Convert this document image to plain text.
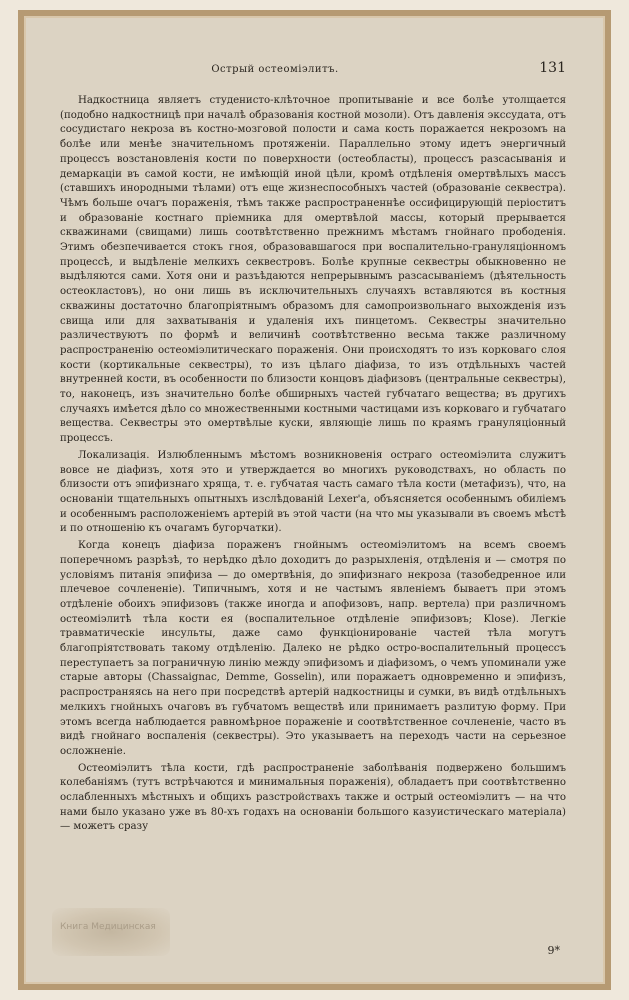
Острый остеоміэлитъ.	131

Надкостница являетъ студенисто-клѣточное пропитываніе и все болѣе утолщается (подобно надкостницѣ при началѣ образованія костной мозоли). Отъ давленія экссудата, отъ сосудистаго некроза въ костно-мозговой полости и сама кость поражается некрозомъ на болѣе или менѣе значительномъ протяженіи. Параллельно этому идетъ энергичный процессъ возстановленія кости по поверхности (остеобласты), процессъ разсасыванія и демаркаціи въ самой кости, не имѣющій иной цѣли, кромѣ отдѣленія омертвѣлыхъ массъ (ставшихъ инородными тѣлами) отъ еще жизнеспособныхъ частей (образованіе секвестра). Чѣмъ больше очагъ пораженія, тѣмъ также распространеннѣе оссифицирующій періоститъ и образованіе костнаго пріемника для омертвѣлой массы, который прерывается скважинами (свищами) лишь соотвѣтственно прежнимъ мѣстамъ гнойнаго прободенія. Этимъ обезпечивается стокъ гноя, образовавшагося при воспалительно-грануляціонномъ процессѣ, и выдѣленіе мелкихъ секвестровъ. Болѣе крупные секвестры обыкновенно не выдѣляются сами. Хотя они и разъѣдаются непрерывнымъ разсасываніемъ (дѣятельность остеокластовъ), но они лишь въ исключительныхъ случаяхъ вставляются въ костныя скважины достаточно благопріятнымъ образомъ для самопроизвольнаго выхожденія изъ свища или для захватыванія и удаленія ихъ пинцетомъ. Секвестры значительно различествуютъ по формѣ и величинѣ соотвѣтственно весьма также различному распространенію остеоміэлитическаго пораженія. Они происходятъ то изъ корковаго слоя кости (кортикальные секвестры), то изъ цѣлаго діафиза, то изъ отдѣльныхъ частей внутренней кости, въ особенности по близости концовъ діафизовъ (центральные секвестры), то, наконецъ, изъ значительно болѣе обширныхъ частей губчатаго вещества; въ другихъ случаяхъ имѣется дѣло со множественными костными частицами изъ корковаго и губчатаго вещества. Секвестры это омертвѣлые куски, являющіе лишь по краямъ грануляціонный процессъ.

Локализація. Излюбленнымъ мѣстомъ возникновенія остраго остеоміэлита служитъ вовсе не діафизъ, хотя это и утверждается во многихъ руководствахъ, но область по близости отъ эпифизнаго хряща, т. е. губчатая часть самаго тѣла кости (метафизъ), что, на основаніи тщательныхъ опытныхъ изслѣдованій Lexer'а, объясняется особеннымъ обиліемъ и особеннымъ расположеніемъ артерій въ этой части (на что мы указывали въ своемъ мѣстѣ и по отношенію къ очагамъ бугорчатки).

Когда конецъ діафиза пораженъ гнойнымъ остеоміэлитомъ на всемъ своемъ поперечномъ разрѣзѣ, то нерѣдко дѣло доходитъ до разрыхленія, отдѣленія и — смотря по условіямъ питанія эпифиза — до омертвѣнія, до эпифизнаго некроза (тазобедренное или плечевое сочлененіе). Типичнымъ, хотя и не частымъ явленіемъ бываетъ при этомъ отдѣленіе обоихъ эпифизовъ (также иногда и апофизовъ, напр. вертела) при различномъ остеоміэлитѣ тѣла кости ея (воспалительное отдѣленіе эпифизовъ; Klose). Легкіе травматическіе инсульты, даже само функціонированіе частей тѣла могутъ благопріятствовать такому отдѣленію. Далеко не рѣдко остро-воспалительный процессъ переступаетъ за пограничную линію между эпифизомъ и діафизомъ, о чемъ упоминали уже старые авторы (Chassaignac, Demme, Gosselin), или поражаетъ одновременно и эпифизъ, распространяясь на него при посредствѣ артерій надкостницы и сумки, въ видѣ отдѣльныхъ мелкихъ гнойныхъ очаговъ въ губчатомъ веществѣ или принимаетъ разлитую форму. При этомъ всегда наблюдается равномѣрное пораженіе и соотвѣтственное сочлененіе, часто въ видѣ гнойнаго воспаленія (секвестры). Это указываетъ на переходъ части на серьезное осложненіе.

Остеоміэлитъ тѣла кости, гдѣ распространеніе заболѣванія подвержено большимъ колебаніямъ (тутъ встрѣчаются и минимальныя пораженія), обладаетъ при соотвѣтственно ослабленныхъ мѣстныхъ и общихъ разстройствахъ также и острый остеоміэлитъ — на что нами было указано уже въ 80-хъ годахъ на основаніи большого казуистическаго матеріала) — можетъ сразу

Книга Медицинская
9*
